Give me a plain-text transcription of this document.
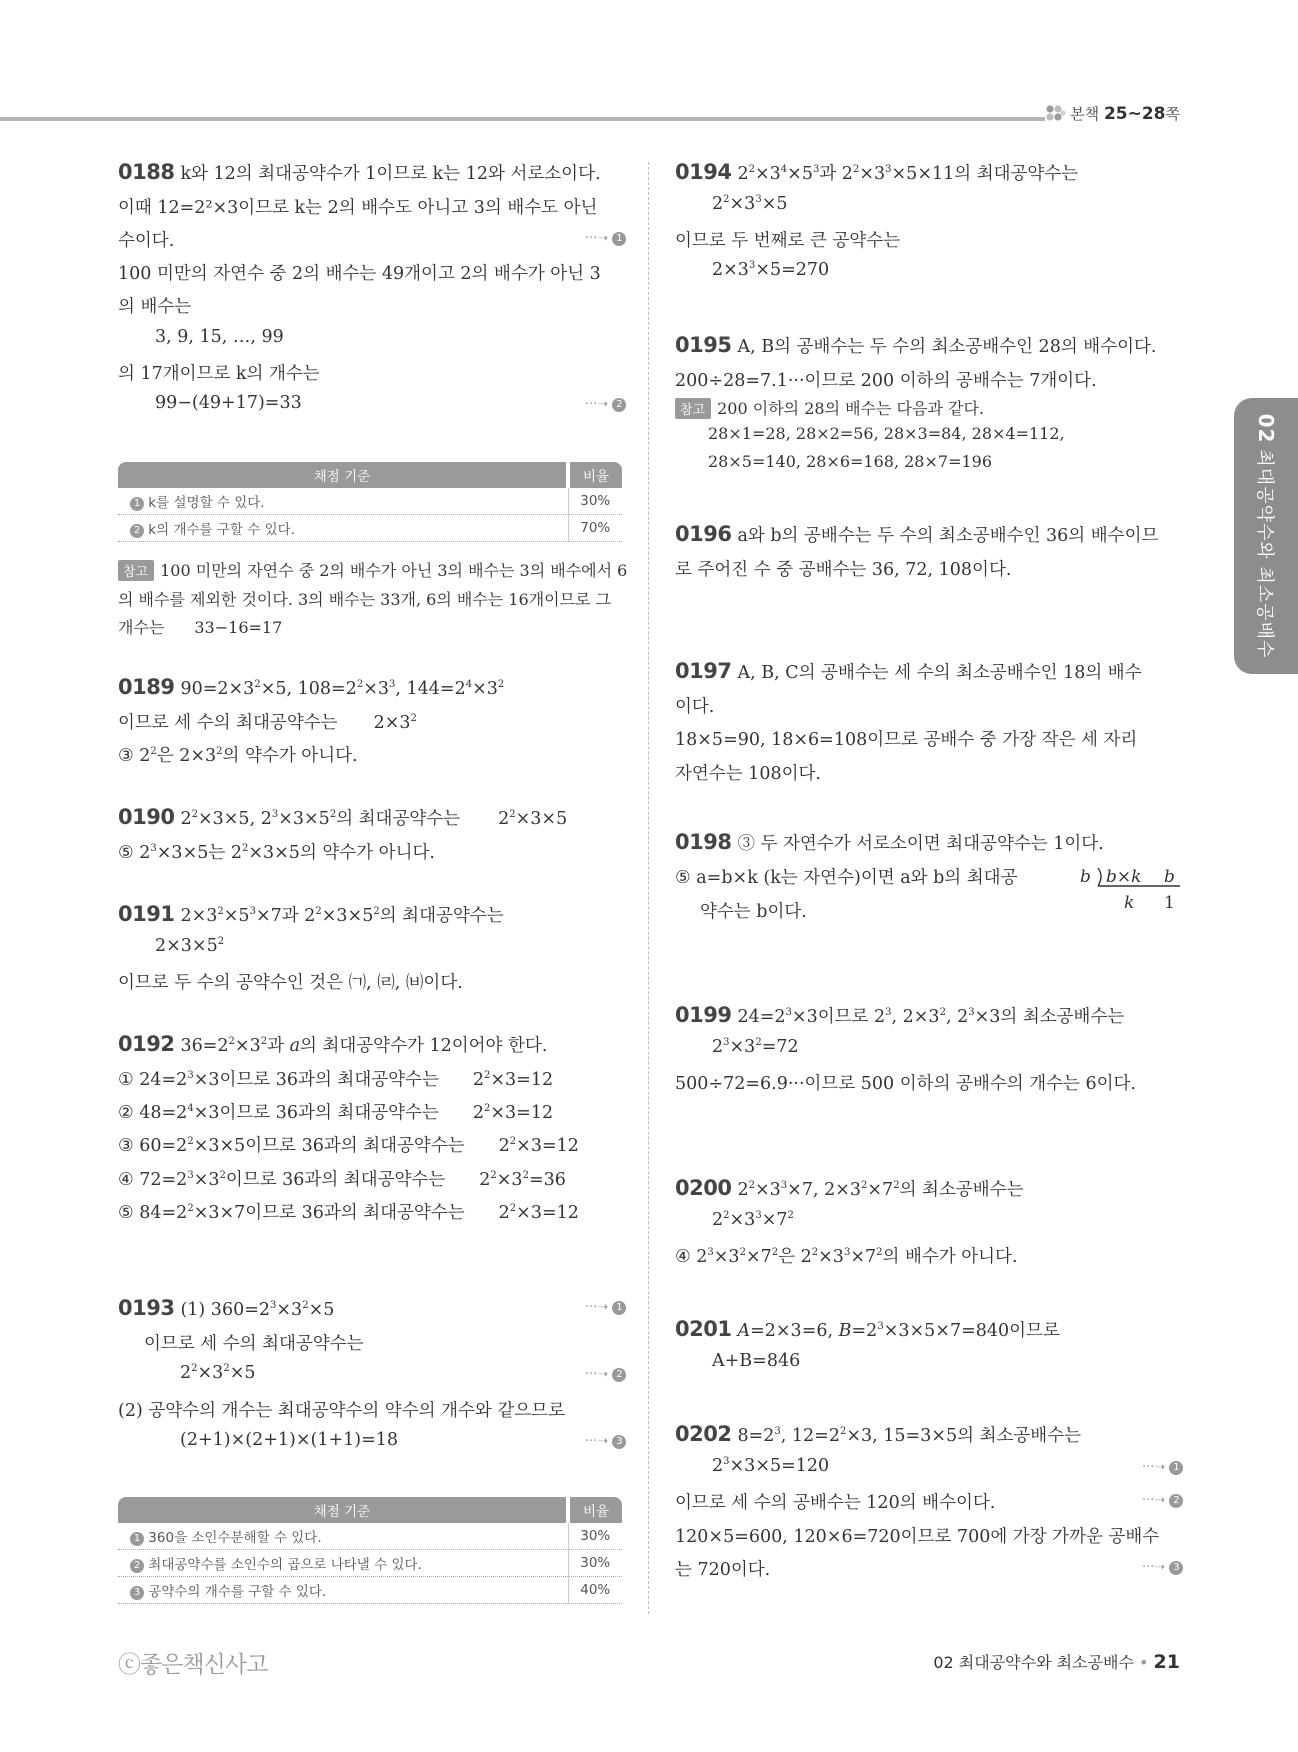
본책 25~28쪽
02최대공약수와 최소공배수
0188 k와 12의 최대공약수가 1이므로 k는 12와 서로소이다.
이때 12=2²×3이므로 k는 2의 배수도 아니고 3의 배수도 아닌
수이다.	···➝ 1
100 미만의 자연수 중 2의 배수는 49개이고 2의 배수가 아닌 3
의 배수는
3, 9, 15, …, 99
의 17개이므로 k의 개수는
99−(49+17)=33	···➝ 2
채점 기준	비율
1 k를 설명할 수 있다.	30%
2 k의 개수를 구할 수 있다.	70%
참고 100 미만의 자연수 중 2의 배수가 아닌 3의 배수는 3의 배수에서 6
의 배수를 제외한 것이다. 3의 배수는 33개, 6의 배수는 16개이므로 그
개수는 33−16=17
0189 $90=2\times 3^2\times 5$, $108=2^2\times 3^3$, $144=2^4\times 3^2$
이므로 세 수의 최대공약수는 $2\times 3^2$
③ $2^2$은 $2\times 3^2$의 약수가 아니다.
0190 $2^2\times 3\times 5$, $2^3\times 3\times 5^2$의 최대공약수는 $2^2\times 3\times 5$
⑤ $2^3\times 3\times 5$는 $2^2\times 3\times 5$의 약수가 아니다.
0191 $2\times 3^2\times 5^3\times 7$과 $2^2\times 3\times 5^2$의 최대공약수는
$2\times 3\times 5^2$
이므로 두 수의 공약수인 것은 ㈀, ㈃, ㈅이다.
0192 $36=2^2\times 3^2$과 a의 최대공약수가 12이어야 한다.
① $24=2^3\times 3$이므로 36과의 최대공약수는 $2^2\times 3=12$
② $48=2^4\times 3$이므로 36과의 최대공약수는 $2^2\times 3=12$
③ $60=2^2\times 3\times 5$이므로 36과의 최대공약수는 $2^2\times 3=12$
④ $72=2^3\times 3^2$이므로 36과의 최대공약수는 $2^2\times 3^2=36$
⑤ $84=2^2\times 3\times 7$이므로 36과의 최대공약수는 $2^2\times 3=12$
0193 (1) $360=2^3\times 3^2\times 5$	···➝ 1
이므로 세 수의 최대공약수는
$2^2\times 3^2\times 5$	···➝ 2
(2) 공약수의 개수는 최대공약수의 약수의 개수와 같으므로
(2+1)×(2+1)×(1+1)=18	···➝ 3
채점 기준	비율
1 360을 소인수분해할 수 있다.	30%
2 최대공약수를 소인수의 곱으로 나타낼 수 있다.	30%
3 공약수의 개수를 구할 수 있다.	40%
0194 $2^2\times 3^4\times 5^3$과 $2^2\times 3^3\times 5\times 11$의 최대공약수는
$2^2\times 3^3\times 5$
이므로 두 번째로 큰 공약수는
$2\times 3^3\times 5=270$
0195 A, B의 공배수는 두 수의 최소공배수인 28의 배수이다.
200÷28=7.1···이므로 200 이하의 공배수는 7개이다.
참고 200 이하의 28의 배수는 다음과 같다.
28×1=28, 28×2=56, 28×3=84, 28×4=112,
28×5=140, 28×6=168, 28×7=196
0196 a와 b의 공배수는 두 수의 최소공배수인 36의 배수이므
로 주어진 수 중 공배수는 36, 72, 108이다.
0197 A, B, C의 공배수는 세 수의 최소공배수인 18의 배수
이다.
18×5=90, 18×6=108이므로 공배수 중 가장 작은 세 자리
자연수는 108이다.
0198 ③ 두 자연수가 서로소이면 최대공약수는 1이다.
⑤ a=b×k (k는 자연수)이면 a와 b의 최대공
약수는 b이다.
b b×k b
k 1
0199 $24=2^3\times 3$이므로 $2^3$, $2\times 3^2$, $2^3\times 3$의 최소공배수는
$2^3\times 3^2=72$
500÷72=6.9···이므로 500 이하의 공배수의 개수는 6이다.
0200 $2^2\times 3^3\times 7$, $2\times 3^2\times 7^2$의 최소공배수는
$2^2\times 3^3\times 7^2$
④ $2^3\times 3^2\times 7^2$은 $2^2\times 3^3\times 7^2$의 배수가 아니다.
0201 A=2×3=6, $B=2^3\times 3\times 5\times 7=840$이므로
A+B=846
0202 $8=2^3$, $12=2^2\times 3$, 15=3×5의 최소공배수는
$2^3\times 3\times 5=120$	···➝ 1
이므로 세 수의 공배수는 120의 배수이다.	···➝ 2
120×5=600, 120×6=720이므로 700에 가장 가까운 공배수
는 720이다.	···➝ 3
ⓒ좋은책신사고	02 최대공약수와 최소공배수 • 21
